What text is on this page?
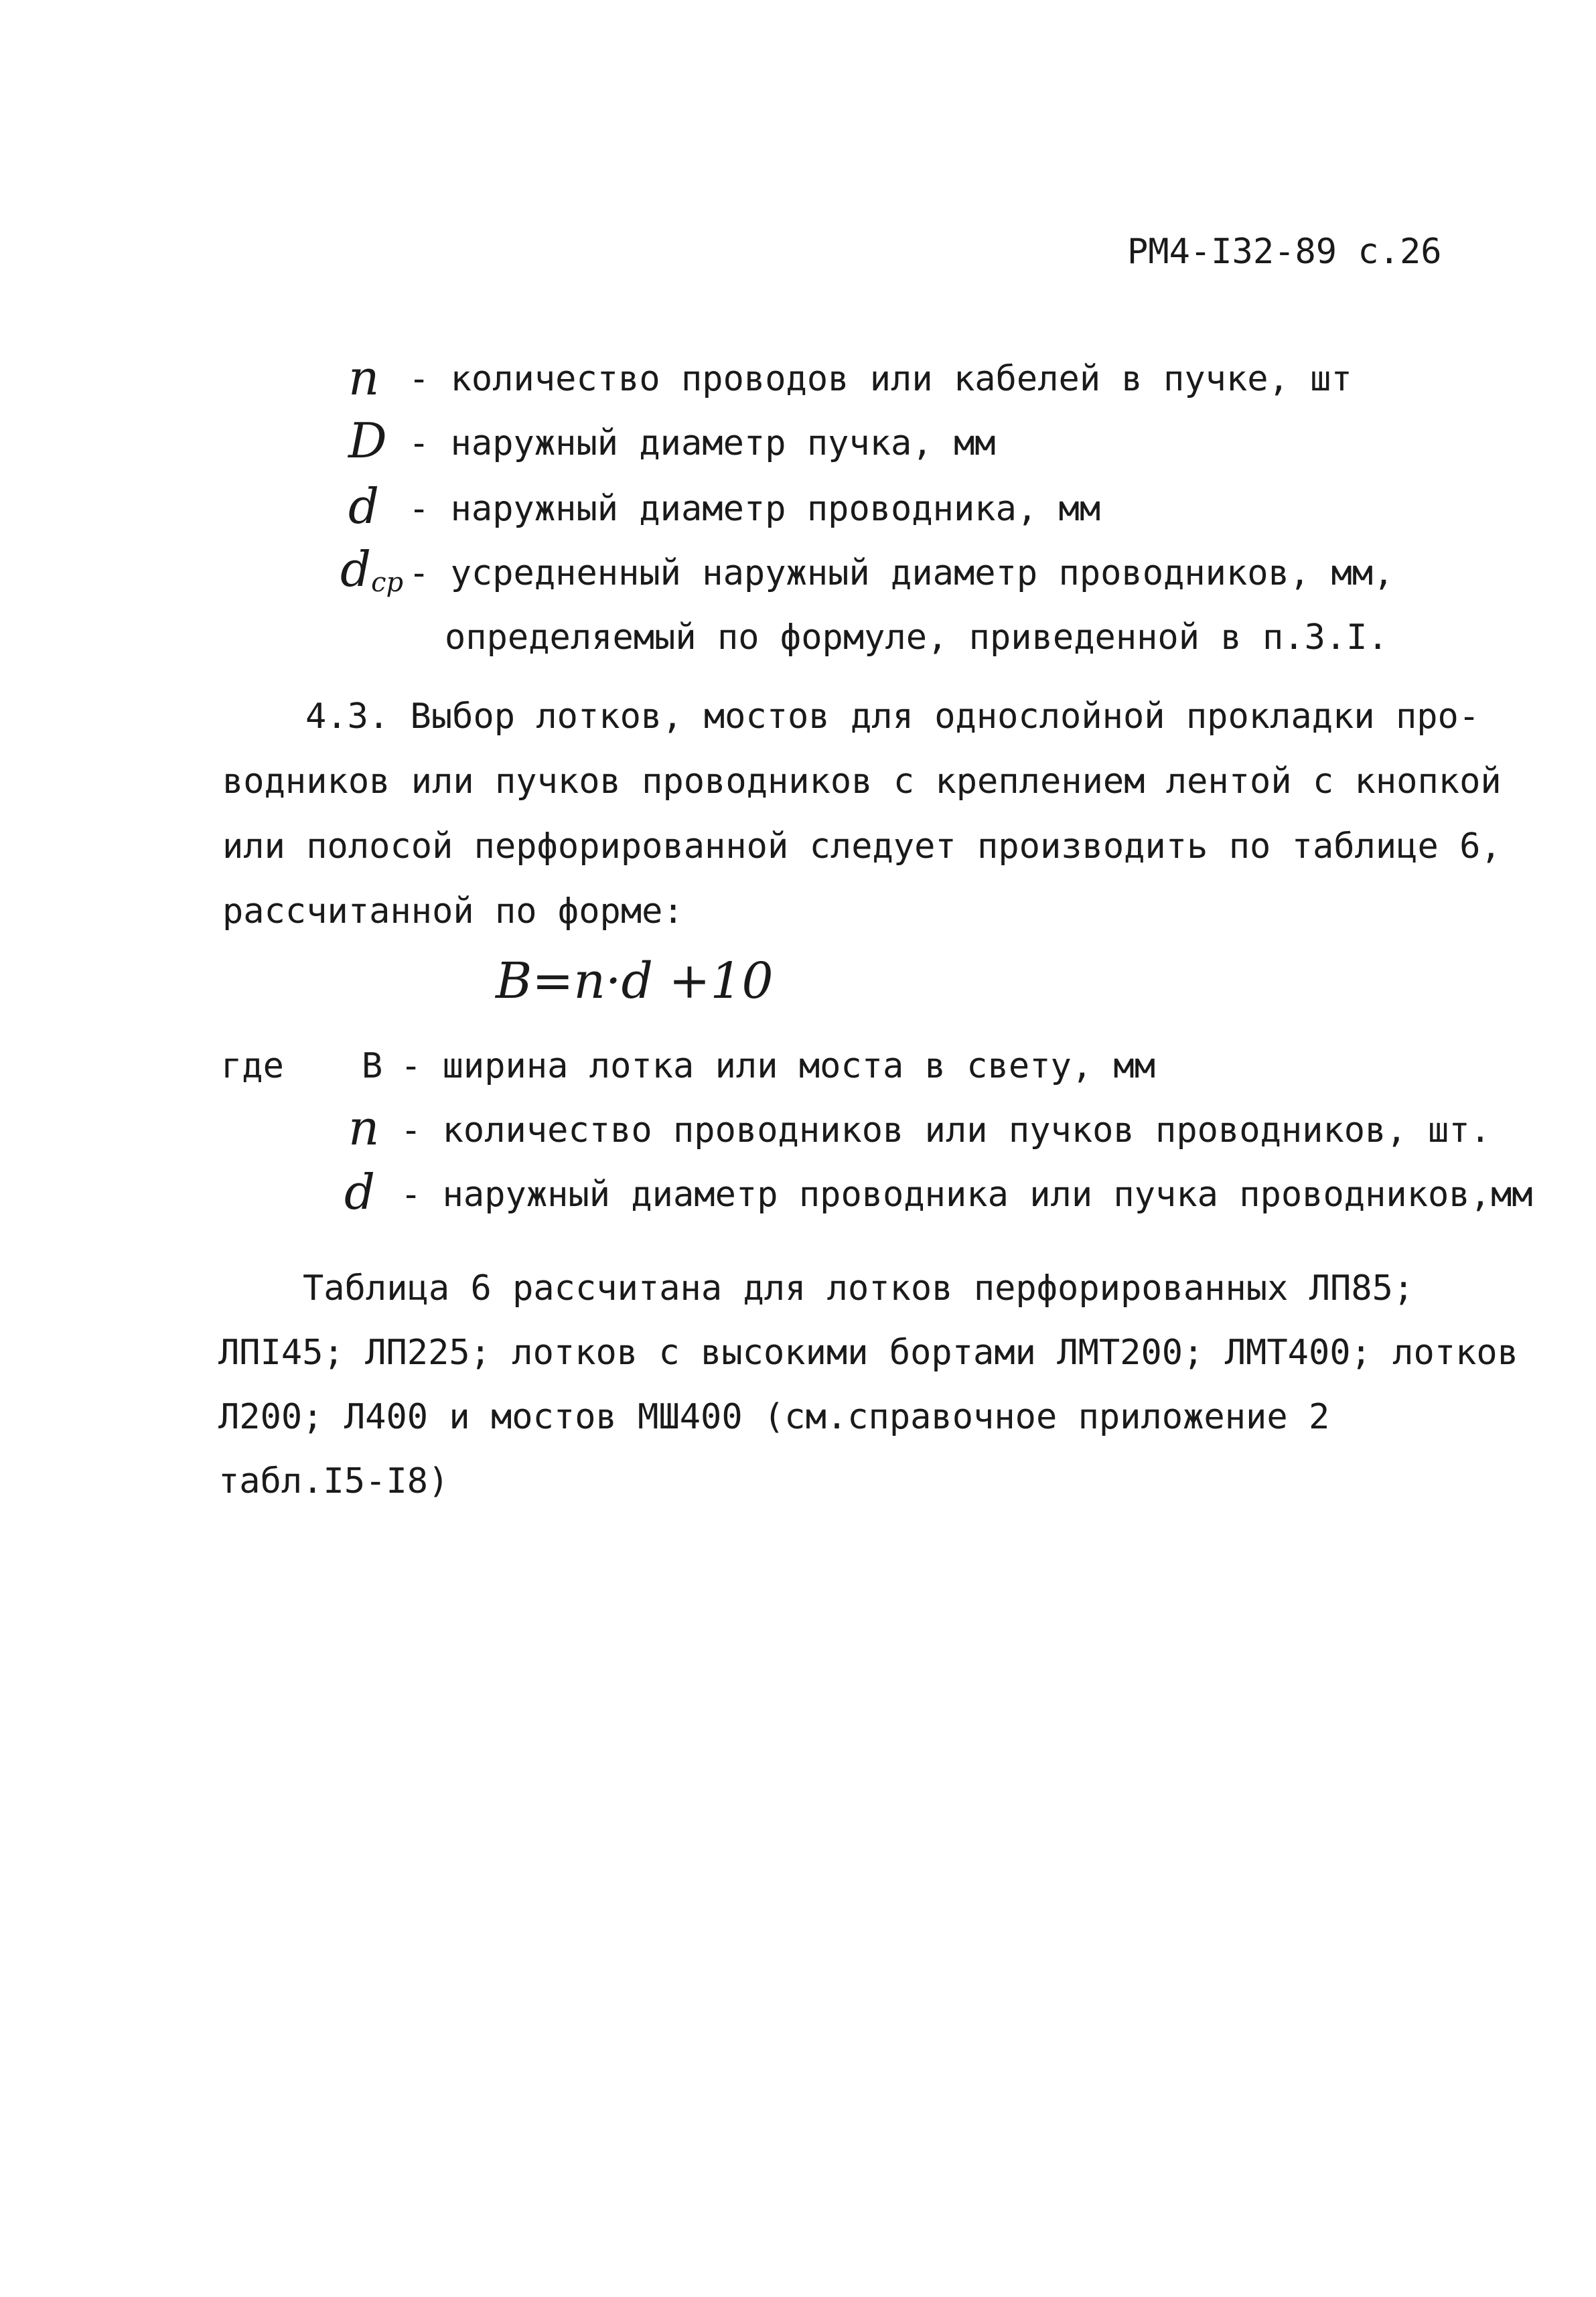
РМ4-I32-89 с.26
n - количество проводов или кабелей в пучке, шт
D - наружный диаметр пучка, мм
d - наружный диаметр проводника, мм
$d_{ср}$ - усредненный наружный диаметр проводников, мм,
определяемый по формуле, приведенной в п.3.I.
4.3. Выбор лотков, мостов для однослойной прокладки про-
водников или пучков проводников с креплением лентой с кнопкой
или полосой перфорированной следует производить по таблице 6,
рассчитанной по форме:
B=n·d +10
где В - ширина лотка или моста в свету, мм
n - количество проводников или пучков проводников, шт.
d - наружный диаметр проводника или пучка проводников,мм
Таблица 6 рассчитана для лотков перфорированных ЛП85;
ЛПI45; ЛП225; лотков с высокими бортами ЛМТ200; ЛМТ400; лотков
Л200; Л400 и мостов МШ400 (см.справочное приложение 2
табл.I5-I8)
